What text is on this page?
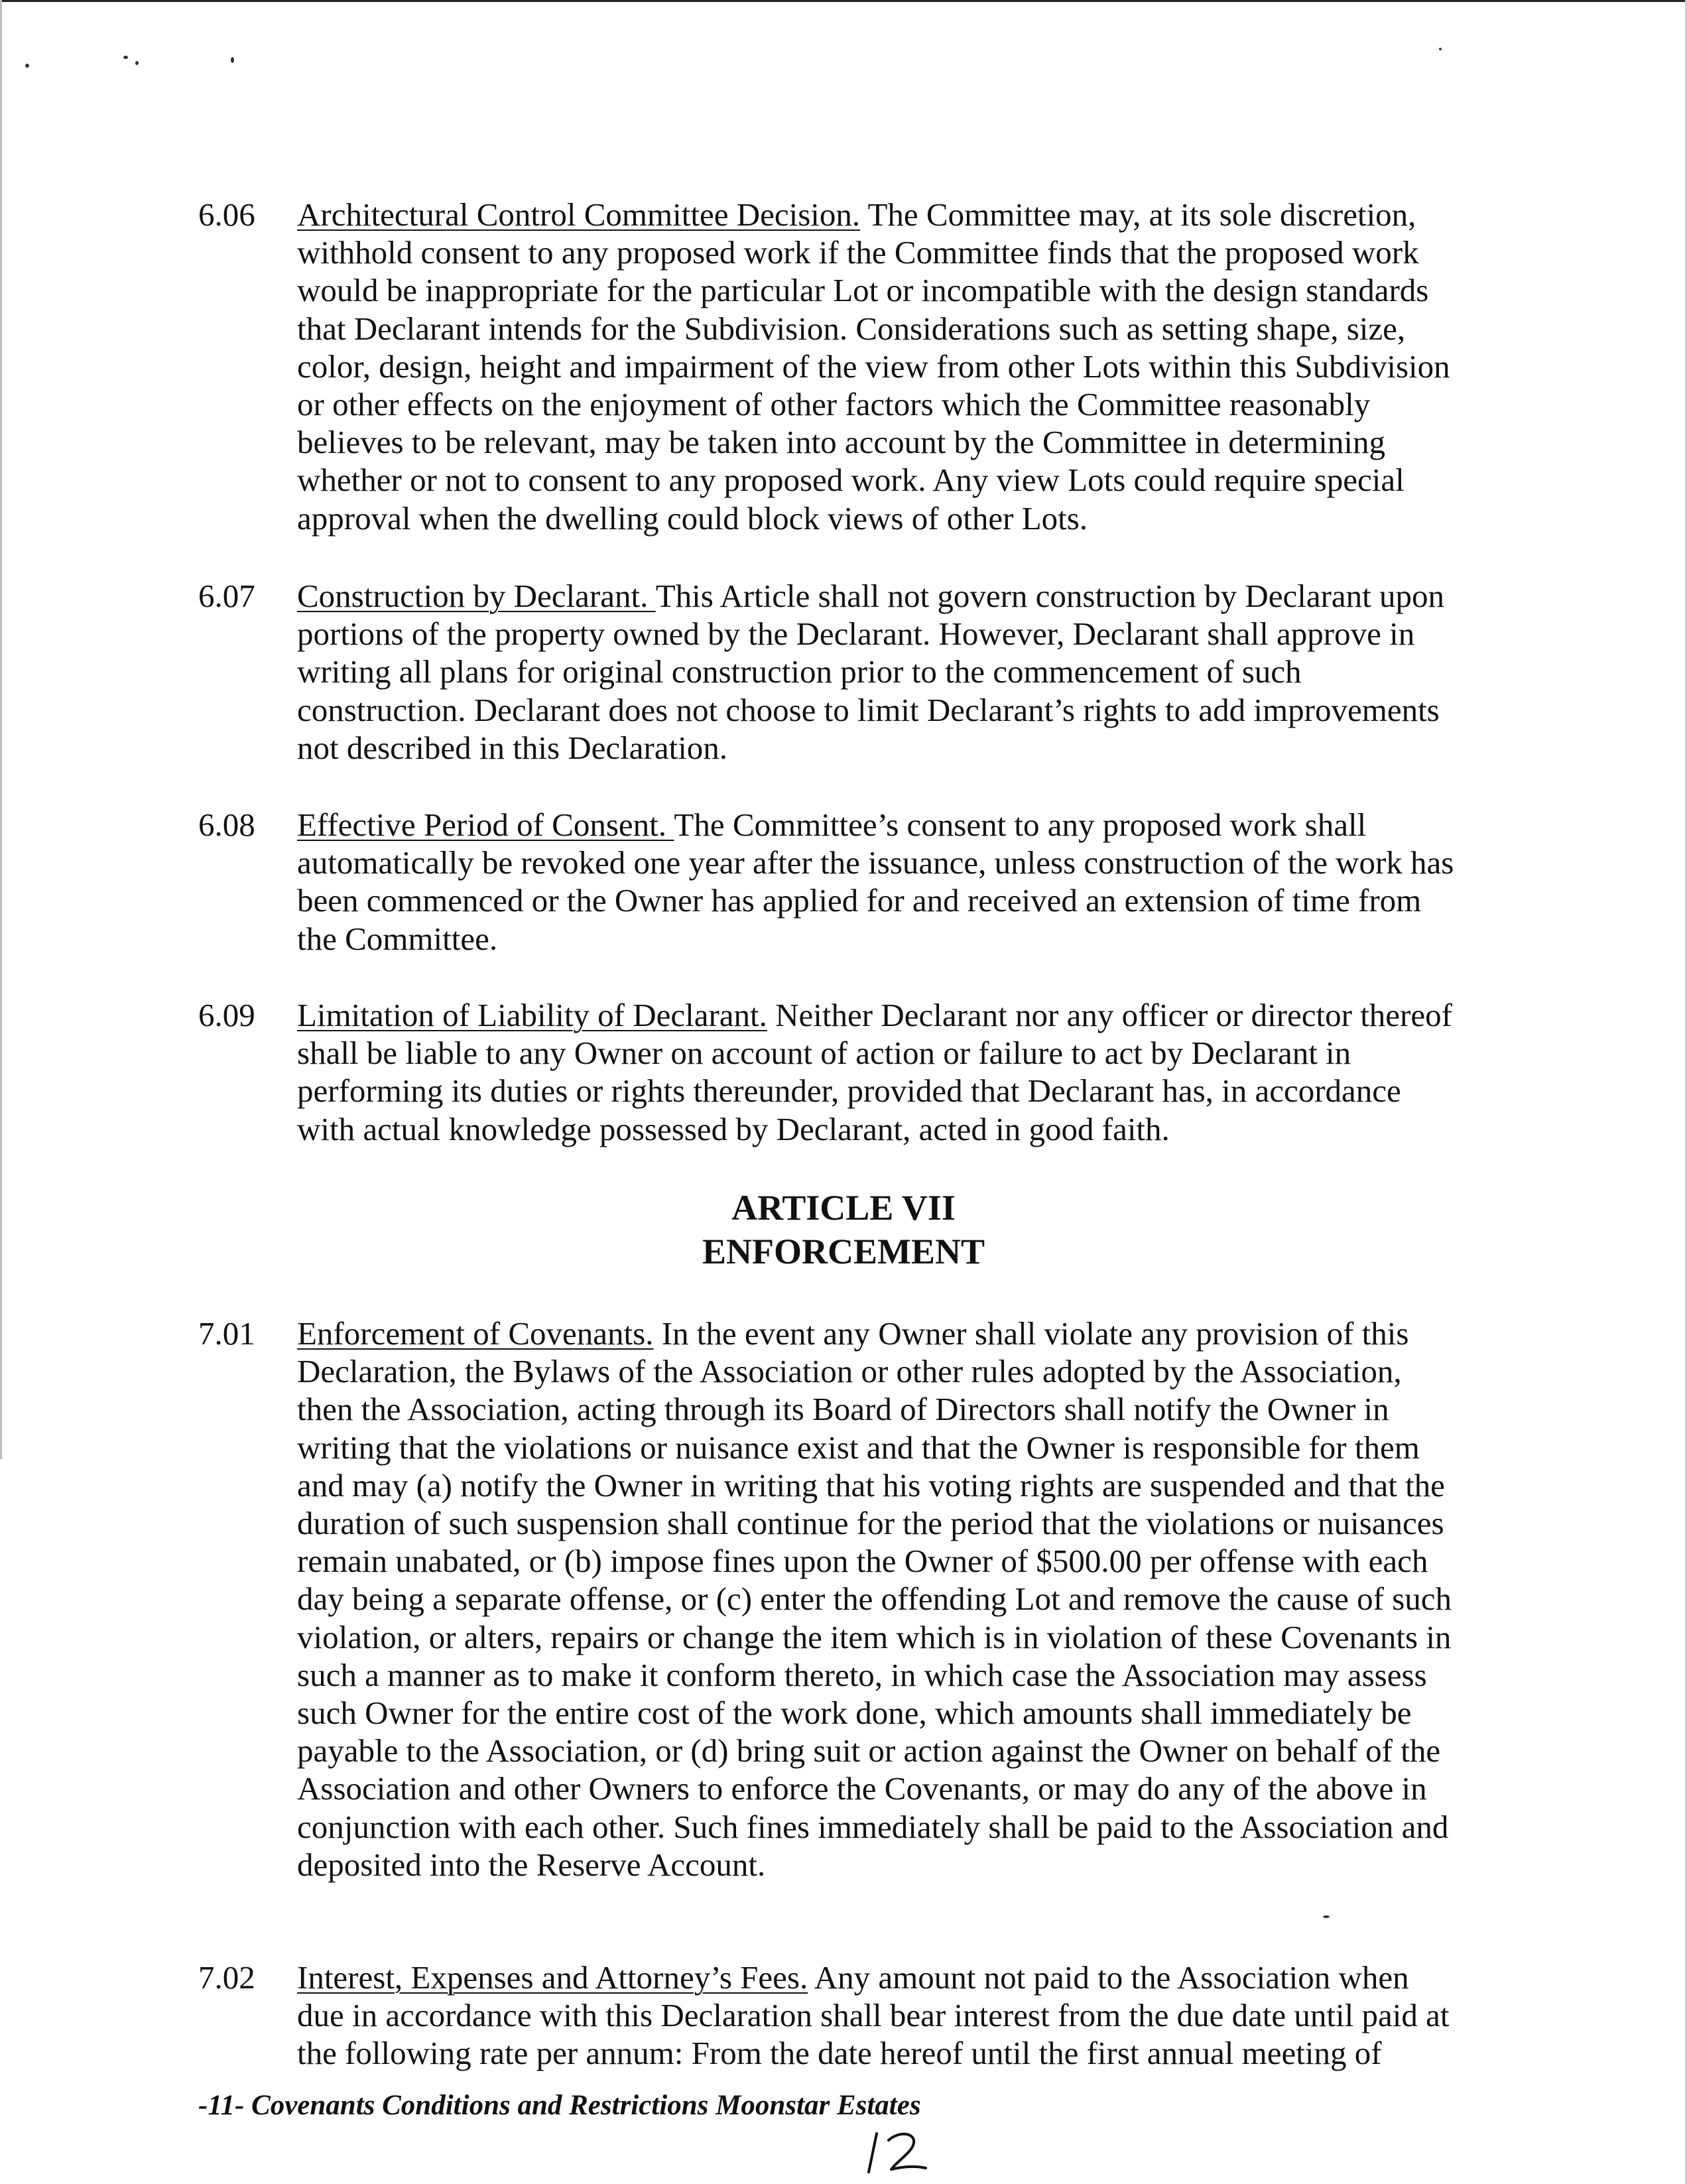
6.06	Architectural Control Committee Decision. The Committee may, at its sole discretion,
withhold consent to any proposed work if the Committee finds that the proposed work
would be inappropriate for the particular Lot or incompatible with the design standards
that Declarant intends for the Subdivision. Considerations such as setting shape, size,
color, design, height and impairment of the view from other Lots within this Subdivision
or other effects on the enjoyment of other factors which the Committee reasonably
believes to be relevant, may be taken into account by the Committee in determining
whether or not to consent to any proposed work. Any view Lots could require special
approval when the dwelling could block views of other Lots.
6.07	Construction by Declarant. This Article shall not govern construction by Declarant upon
portions of the property owned by the Declarant. However, Declarant shall approve in
writing all plans for original construction prior to the commencement of such
construction. Declarant does not choose to limit Declarant’s rights to add improvements
not described in this Declaration.
6.08	Effective Period of Consent. The Committee’s consent to any proposed work shall
automatically be revoked one year after the issuance, unless construction of the work has
been commenced or the Owner has applied for and received an extension of time from
the Committee.
6.09	Limitation of Liability of Declarant. Neither Declarant nor any officer or director thereof
shall be liable to any Owner on account of action or failure to act by Declarant in
performing its duties or rights thereunder, provided that Declarant has, in accordance
with actual knowledge possessed by Declarant, acted in good faith.
ARTICLE VII
ENFORCEMENT
7.01	Enforcement of Covenants. In the event any Owner shall violate any provision of this
Declaration, the Bylaws of the Association or other rules adopted by the Association,
then the Association, acting through its Board of Directors shall notify the Owner in
writing that the violations or nuisance exist and that the Owner is responsible for them
and may (a) notify the Owner in writing that his voting rights are suspended and that the
duration of such suspension shall continue for the period that the violations or nuisances
remain unabated, or (b) impose fines upon the Owner of $500.00 per offense with each
day being a separate offense, or (c) enter the offending Lot and remove the cause of such
violation, or alters, repairs or change the item which is in violation of these Covenants in
such a manner as to make it conform thereto, in which case the Association may assess
such Owner for the entire cost of the work done, which amounts shall immediately be
payable to the Association, or (d) bring suit or action against the Owner on behalf of the
Association and other Owners to enforce the Covenants, or may do any of the above in
conjunction with each other. Such fines immediately shall be paid to the Association and
deposited into the Reserve Account.
7.02	Interest, Expenses and Attorney’s Fees. Any amount not paid to the Association when
due in accordance with this Declaration shall bear interest from the due date until paid at
the following rate per annum: From the date hereof until the first annual meeting of
-11- Covenants Conditions and Restrictions Moonstar Estates
